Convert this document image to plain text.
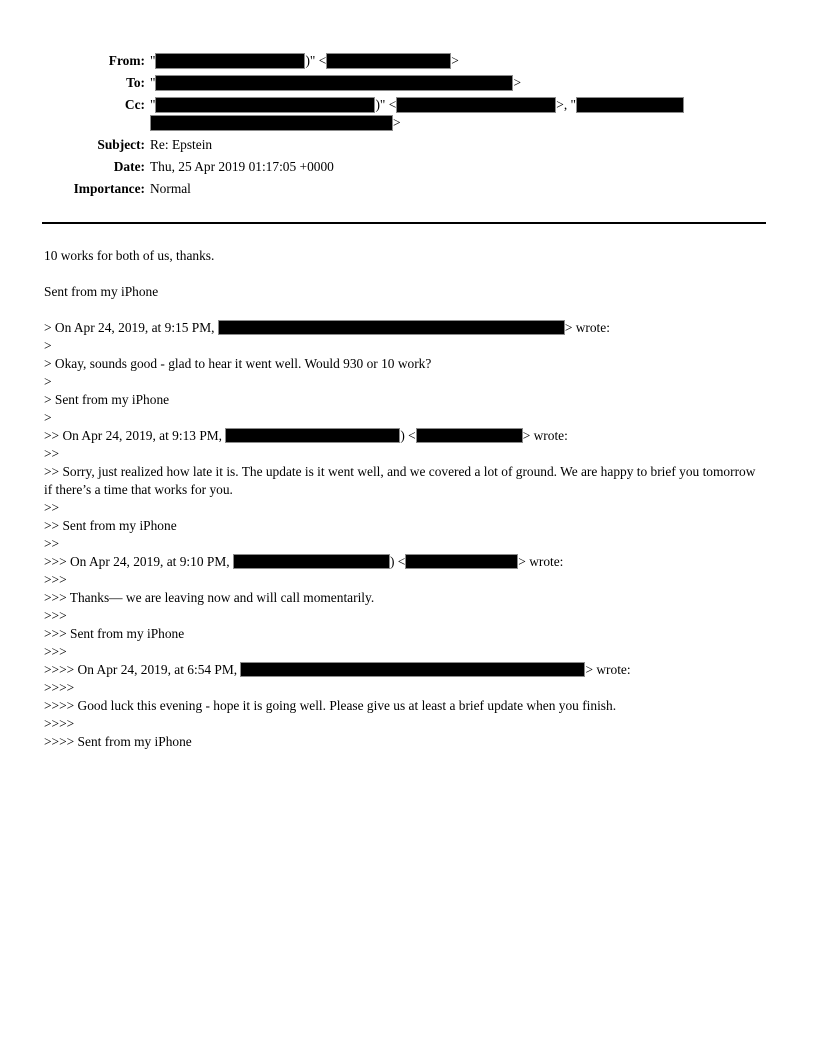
From: "	)" <	>
To: "	>
Cc: "	)" <	>, "
>
Subject: Re: Epstein
Date: Thu, 25 Apr 2019 01:17:05 +0000
Importance: Normal
10 works for both of us, thanks.
Sent from my iPhone
> On Apr 24, 2019, at 9:15 PM,	> wrote:
>
> Okay, sounds good - glad to hear it went well. Would 930 or 10 work?
>
> Sent from my iPhone
>
>> On Apr 24, 2019, at 9:13 PM,	) <	> wrote:
>>
>> Sorry, just realized how late it is. The update is it went well, and we covered a lot of ground. We are happy to brief you tomorrow if there’s a time that works for you.
>>
>> Sent from my iPhone
>>
>>> On Apr 24, 2019, at 9:10 PM,	) <	> wrote:
>>>
>>> Thanks— we are leaving now and will call momentarily.
>>>
>>> Sent from my iPhone
>>>
>>>> On Apr 24, 2019, at 6:54 PM,	> wrote:
>>>>
>>>> Good luck this evening - hope it is going well. Please give us at least a brief update when you finish.
>>>>
>>>> Sent from my iPhone
